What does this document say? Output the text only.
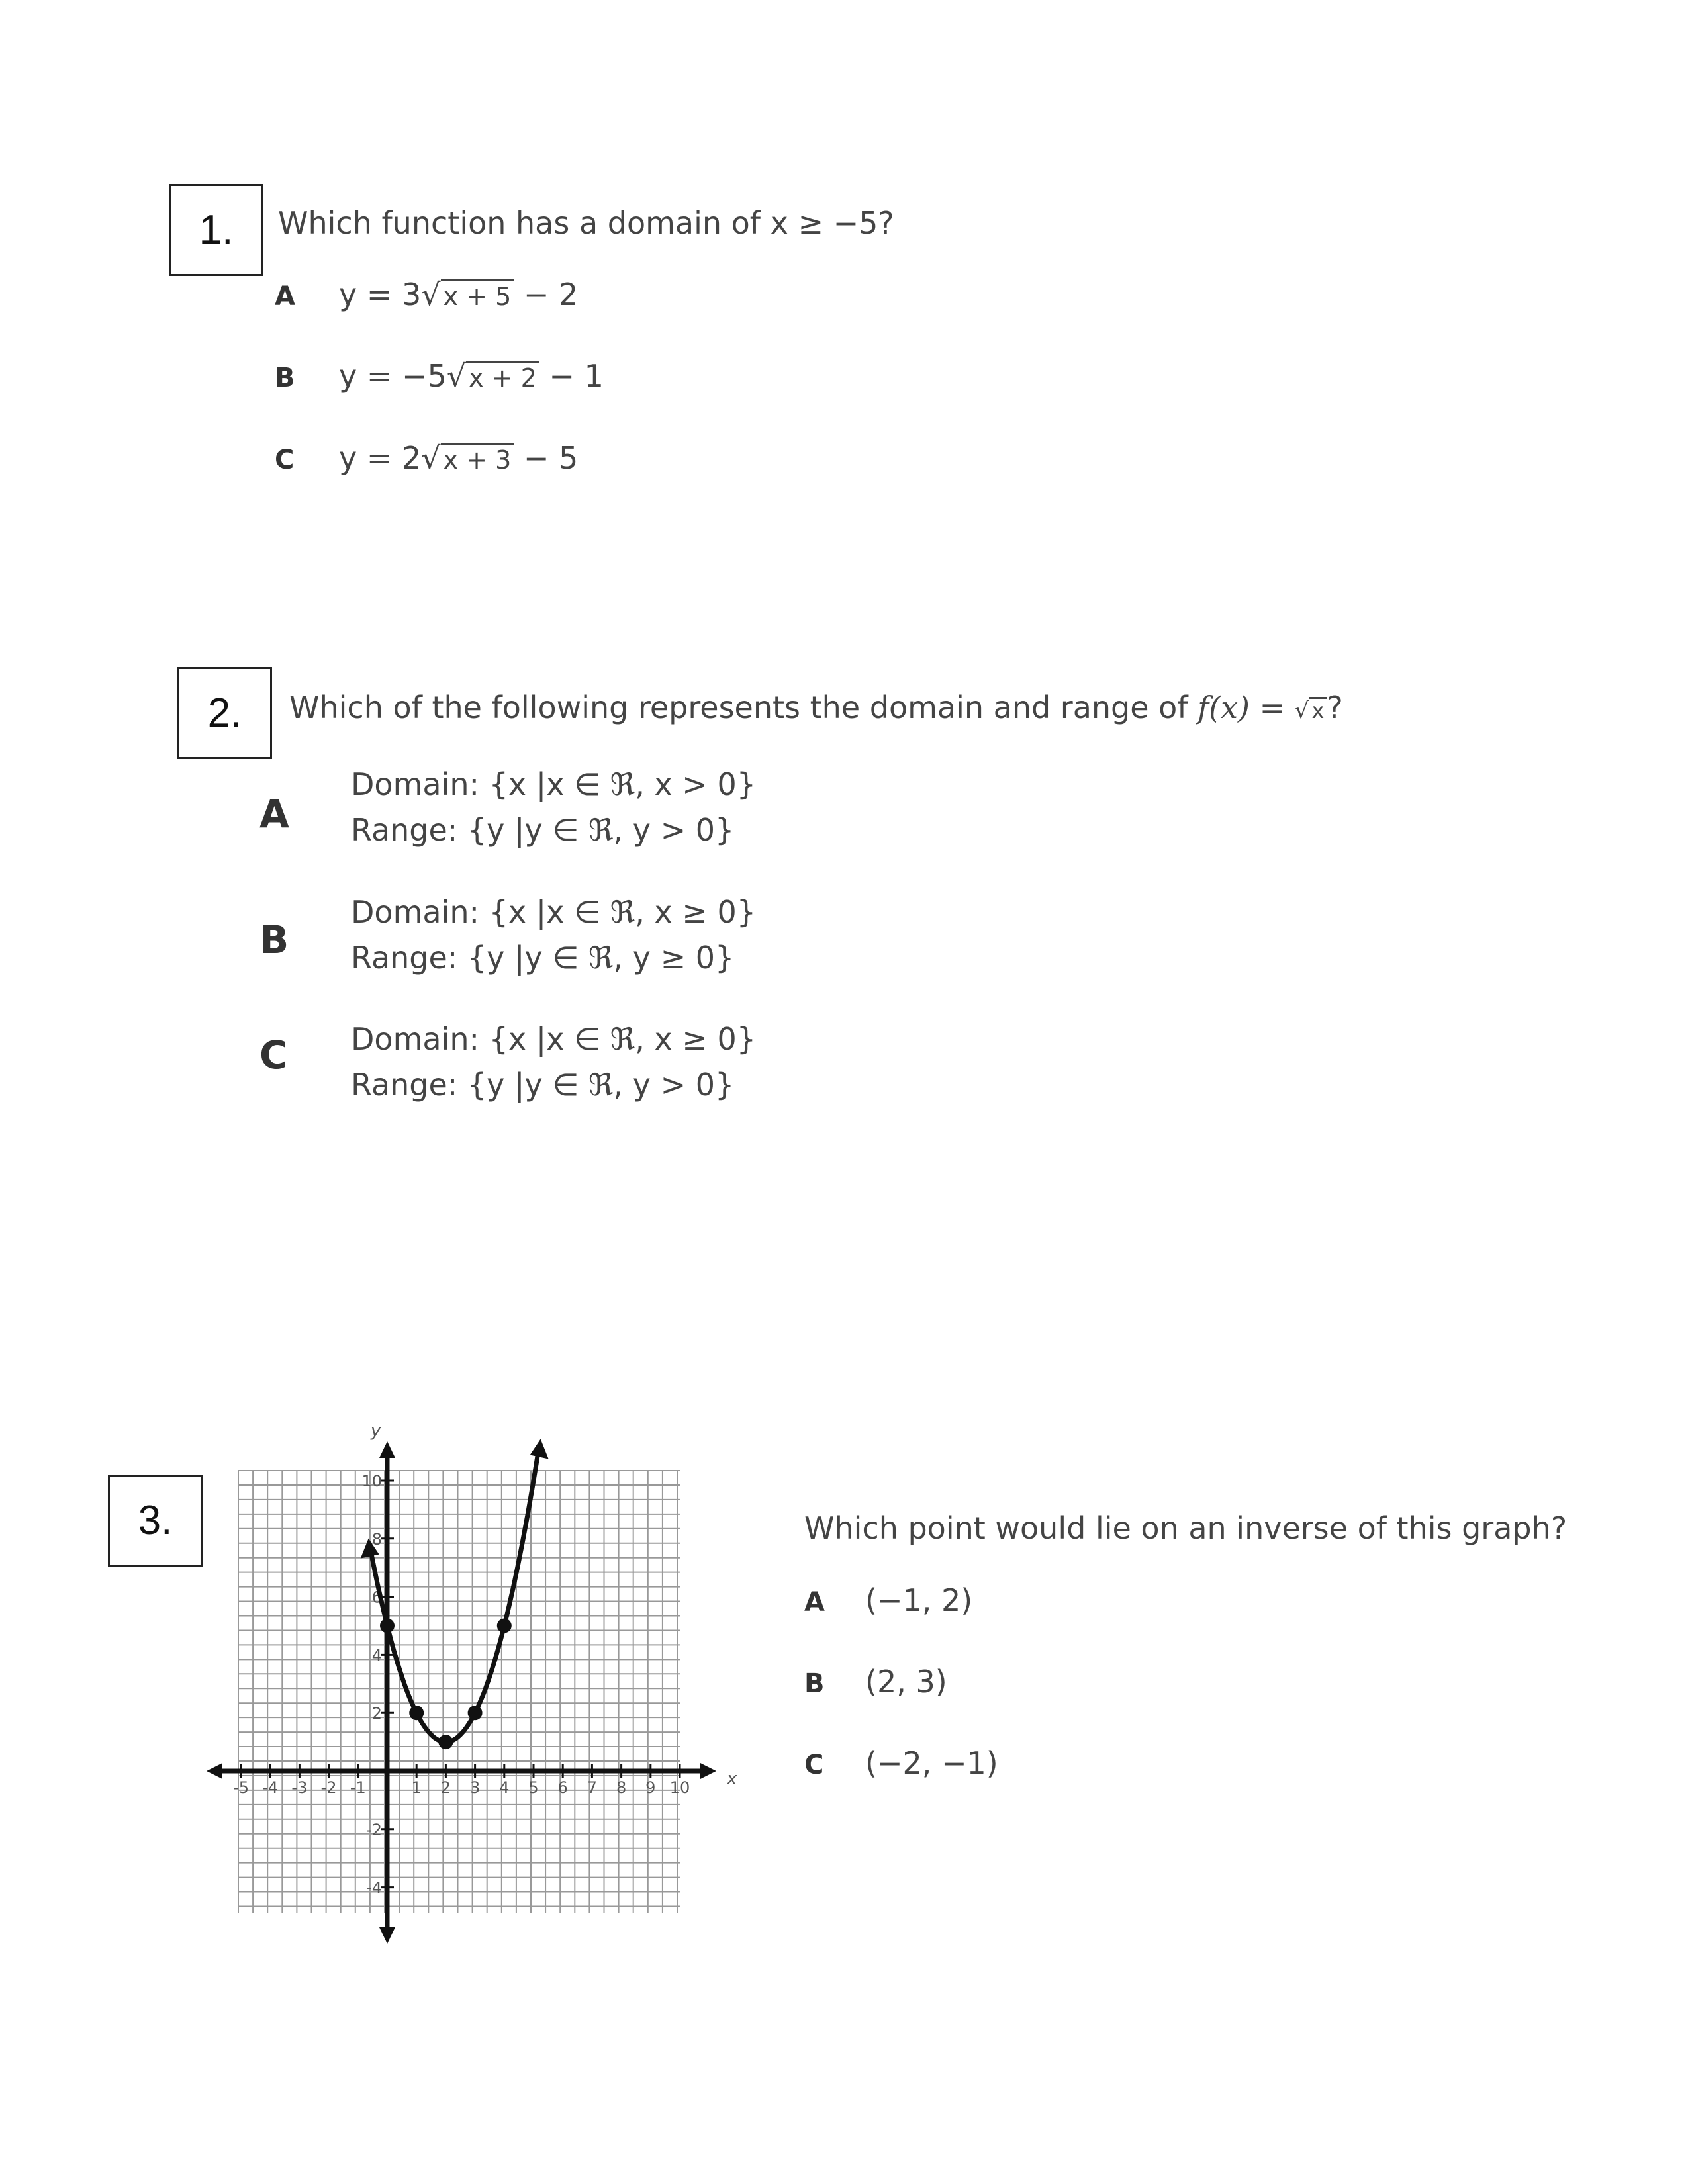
1. Which function has a domain of x ≥ −5?
A y = 3√ x + 5 − 2
B y = −5√ x + 2 − 1
C y = 2√ x + 3 − 5
2. Which of the following represents the domain and range of f(x) = √ x?
A
Domain: {x |x ∈ ℜ, x > 0}
Range: {y |y ∈ ℜ, y > 0}
B
Domain: {x |x ∈ ℜ, x ≥ 0}
Range: {y |y ∈ ℜ, y ≥ 0}
C Domain: {x |x ∈ ℜ, x ≥ 0}
Range: {y |y ∈ ℜ, y > 0}
3.
-5 -4 -3 -2 -1	1 2 3 4 5 6 7 8 9 10
10
8
6
4
2
-2
-4
x
y
Which point would lie on an inverse of this graph?
A (−1, 2)
B (2, 3)
C (−2, −1)
